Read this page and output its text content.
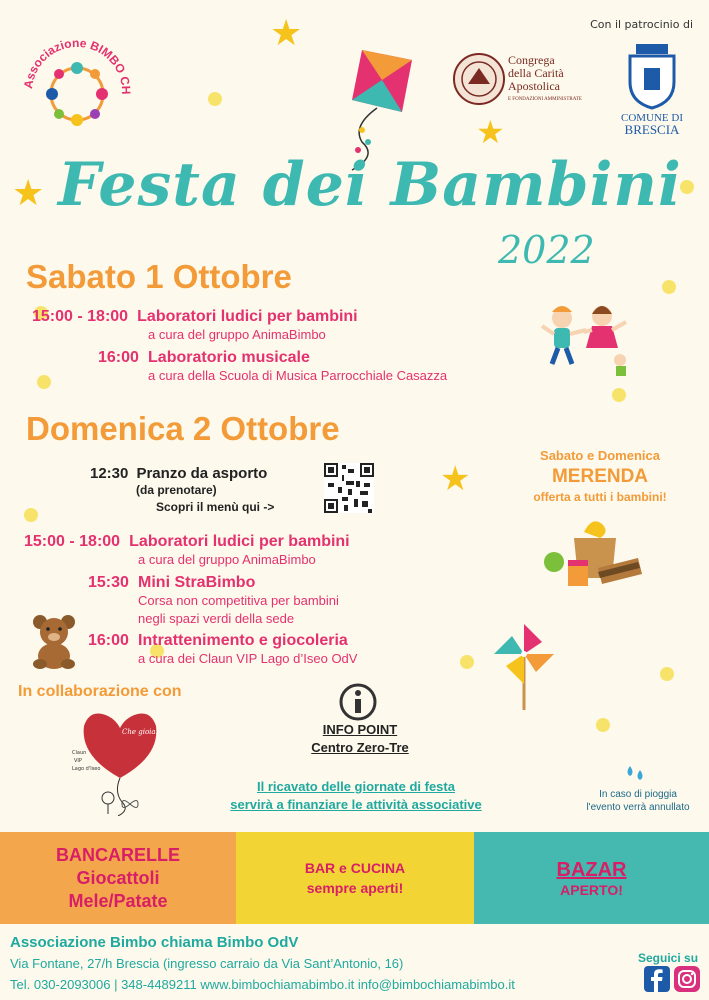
★
★
★
★
Associazione BIMBO CH
Con il patrocinio di
Congrega
della Carità
Apostolica
E FONDAZIONI AMMINISTRATE
COMUNE DI
BRESCIA
Festa dei Bambini
2022
Sabato 1 Ottobre
15:00 - 18:00 Laboratori ludici per bambini
a cura del gruppo AnimaBimbo
16:00 Laboratorio musicale
a cura della Scuola di Musica Parrocchiale Casazza
Domenica 2 Ottobre
12:30 Pranzo da asporto
(da prenotare)
Scopri il menù qui ->
15:00 - 18:00 Laboratori ludici per bambini
a cura del gruppo AnimaBimbo
15:30 Mini StraBimbo
Corsa non competitiva per bambini
negli spazi verdi della sede
16:00 Intrattenimento e giocoleria
a cura dei Claun VIP Lago d’Iseo OdV
Sabato e Domenica
MERENDA
offerta a tutti i bambini!
In collaborazione con
Che gioia!
Claun
VIP
Lago d'Iseo
INFO POINT
Centro Zero-Tre
Il ricavato delle giornate di festa
servirà a finanziare le attività associative
In caso di pioggia
l'evento verrà annullato
BANCARELLE
Giocattoli
Mele/Patate
BAR e CUCINA
sempre aperti!
BAZAR
APERTO!
Associazione Bimbo chiama Bimbo OdV
Via Fontane, 27/h Brescia (ingresso carraio da Via Sant’Antonio, 16)
Tel. 030-2093006 | 348-4489211 www.bimbochiamabimbo.it info@bimbochiamabimbo.it
Seguici su
